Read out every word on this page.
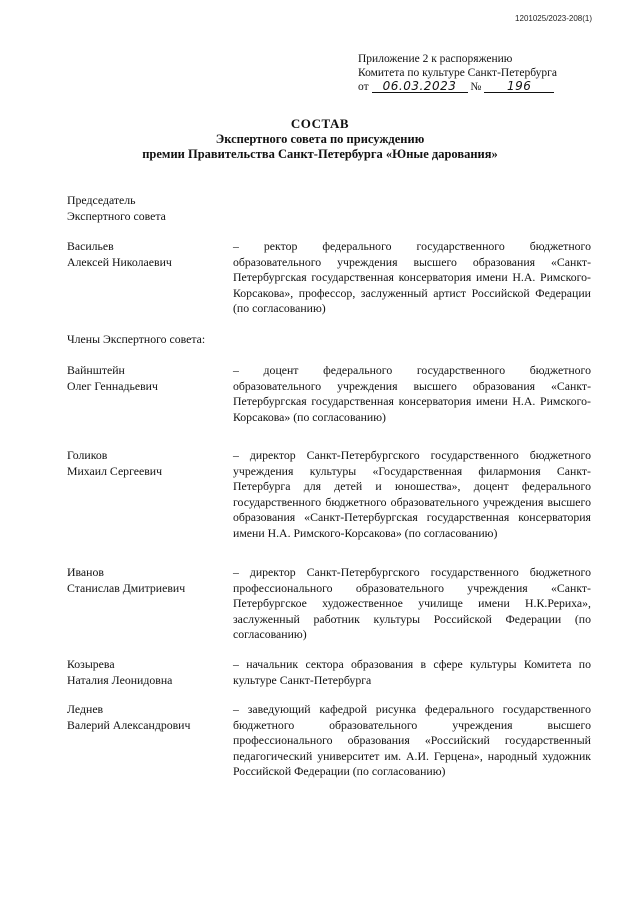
1201025/2023-208(1)
Приложение 2 к распоряжению
Комитета по культуре Санкт-Петербурга
от 06.03.2023 № 196
СОСТАВ
Экспертного совета по присуждению
премии Правительства Санкт-Петербурга «Юные дарования»
Председатель
Экспертного совета
Васильев
Алексей Николаевич
– ректор федерального государственного бюджетного образовательного учреждения высшего образования «Санкт-Петербургская государственная консерватория имени Н.А. Римского-Корсакова», профессор, заслуженный артист Российской Федерации (по согласованию)
Члены Экспертного совета:
Вайнштейн
Олег Геннадьевич
– доцент федерального государственного бюджетного образовательного учреждения высшего образования «Санкт-Петербургская государственная консерватория имени Н.А. Римского-Корсакова» (по согласованию)
Голиков
Михаил Сергеевич
– директор Санкт-Петербургского государственного бюджетного учреждения культуры «Государственная филармония Санкт-Петербурга для детей и юношества», доцент федерального государственного бюджетного образовательного учреждения высшего образования «Санкт-Петербургская государственная консерватория имени Н.А. Римского-Корсакова» (по согласованию)
Иванов
Станислав Дмитриевич
– директор Санкт-Петербургского государственного бюджетного профессионального образовательного учреждения «Санкт-Петербургское художественное училище имени Н.К.Рериха», заслуженный работник культуры Российской Федерации (по согласованию)
Козырева
Наталия Леонидовна
– начальник сектора образования в сфере культуры Комитета по культуре Санкт-Петербурга
Леднев
Валерий Александрович
– заведующий кафедрой рисунка федерального государственного бюджетного образовательного учреждения высшего профессионального образования «Российский государственный педагогический университет им. А.И. Герцена», народный художник Российской Федерации (по согласованию)
